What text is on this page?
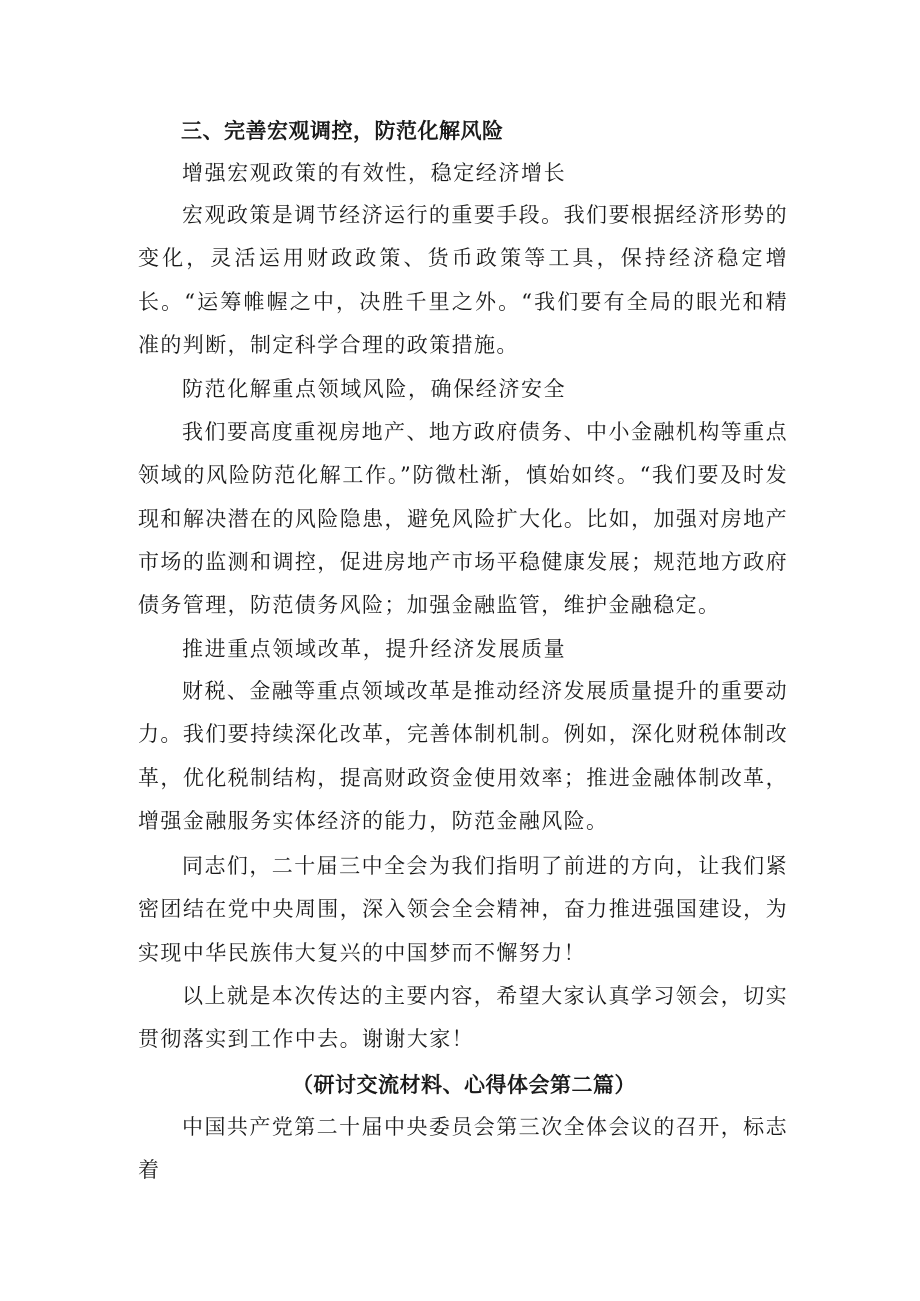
三、完善宏观调控，防范化解风险

增强宏观政策的有效性，稳定经济增长

宏观政策是调节经济运行的重要手段。我们要根据经济形势的变化，灵活运用财政政策、货币政策等工具，保持经济稳定增长。“运筹帷幄之中，决胜千里之外。“我们要有全局的眼光和精准的判断，制定科学合理的政策措施。

防范化解重点领域风险，确保经济安全

我们要高度重视房地产、地方政府债务、中小金融机构等重点领域的风险防范化解工作。”防微杜渐，慎始如终。“我们要及时发现和解决潜在的风险隐患，避免风险扩大化。比如，加强对房地产市场的监测和调控，促进房地产市场平稳健康发展；规范地方政府债务管理，防范债务风险；加强金融监管，维护金融稳定。

推进重点领域改革，提升经济发展质量

财税、金融等重点领域改革是推动经济发展质量提升的重要动力。我们要持续深化改革，完善体制机制。例如，深化财税体制改革，优化税制结构，提高财政资金使用效率；推进金融体制改革，增强金融服务实体经济的能力，防范金融风险。

同志们，二十届三中全会为我们指明了前进的方向，让我们紧密团结在党中央周围，深入领会全会精神，奋力推进强国建设，为实现中华民族伟大复兴的中国梦而不懈努力！

以上就是本次传达的主要内容，希望大家认真学习领会，切实贯彻落实到工作中去。谢谢大家！

（研讨交流材料、心得体会第二篇）

中国共产党第二十届中央委员会第三次全体会议的召开，标志着
